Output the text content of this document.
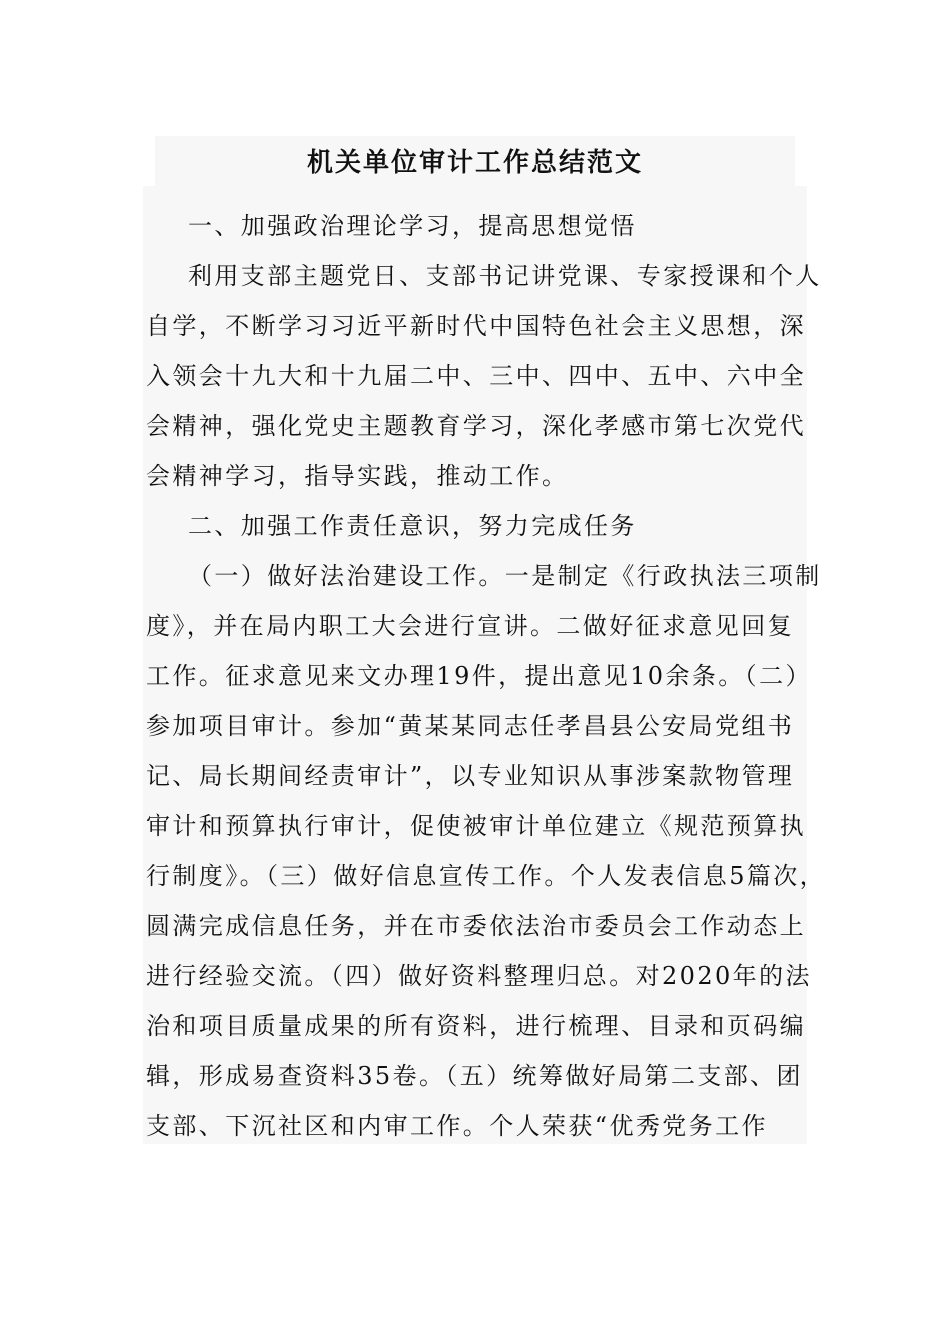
机关单位审计工作总结范文
一、加强政治理论学习，提高思想觉悟
利用支部主题党日、支部书记讲党课、专家授课和个人
自学，不断学习习近平新时代中国特色社会主义思想，深
入领会十九大和十九届二中、三中、四中、五中、六中全
会精神，强化党史主题教育学习，深化孝感市第七次党代
会精神学习，指导实践，推动工作。
二、加强工作责任意识，努力完成任务
（一）做好法治建设工作。一是制定《行政执法三项制
度》，并在局内职工大会进行宣讲。二做好征求意见回复
工作。征求意见来文办理19件，提出意见10余条。（二）
参加项目审计。参加“黄某某同志任孝昌县公安局党组书
记、局长期间经责审计”，以专业知识从事涉案款物管理
审计和预算执行审计，促使被审计单位建立《规范预算执
行制度》。（三）做好信息宣传工作。个人发表信息5篇次，
圆满完成信息任务，并在市委依法治市委员会工作动态上
进行经验交流。（四）做好资料整理归总。对2020年的法
治和项目质量成果的所有资料，进行梳理、目录和页码编
辑，形成易查资料35卷。（五）统筹做好局第二支部、团
支部、下沉社区和内审工作。个人荣获“优秀党务工作
